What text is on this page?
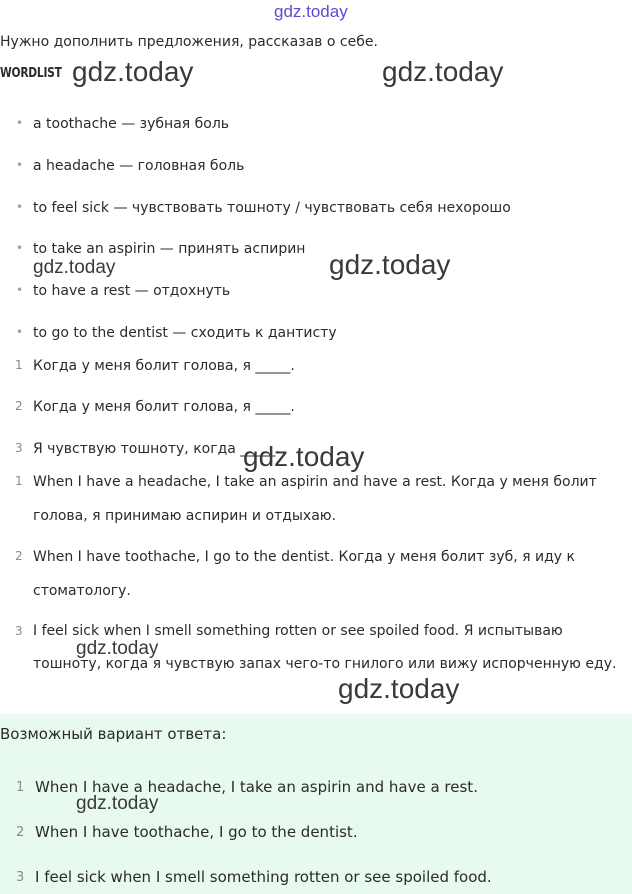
gdz.today
Нужно дополнить предложения, рассказав о себе.
WORDLIST
• a toothache — зубная боль
• a headache — головная боль
• to feel sick — чувствовать тошноту / чувствовать себя нехорошо
• to take an aspirin — принять аспирин
• to have a rest — отдохнуть
• to go to the dentist — сходить к дантисту
1 Когда у меня болит голова, я _____.
2 Когда у меня болит голова, я _____.
3 Я чувствую тошноту, когда _____.
1 When I have a headache, I take an aspirin and have a rest. Когда у меня болит голова, я принимаю аспирин и отдыхаю.
2 When I have toothache, I go to the dentist. Когда у меня болит зуб, я иду к стоматологу.
3 I feel sick when I smell something rotten or see spoiled food. Я испытываю тошноту, когда я чувствую запах чего-то гнилого или вижу испорченную еду.
Возможный вариант ответа:
1 When I have a headache, I take an aspirin and have a rest.
2 When I have toothache, I go to the dentist.
3 I feel sick when I smell something rotten or see spoiled food.
gdz.today	gdz.today
gdz.today	gdz.today
gdz.today
gdz.today
gdz.today
gdz.today
